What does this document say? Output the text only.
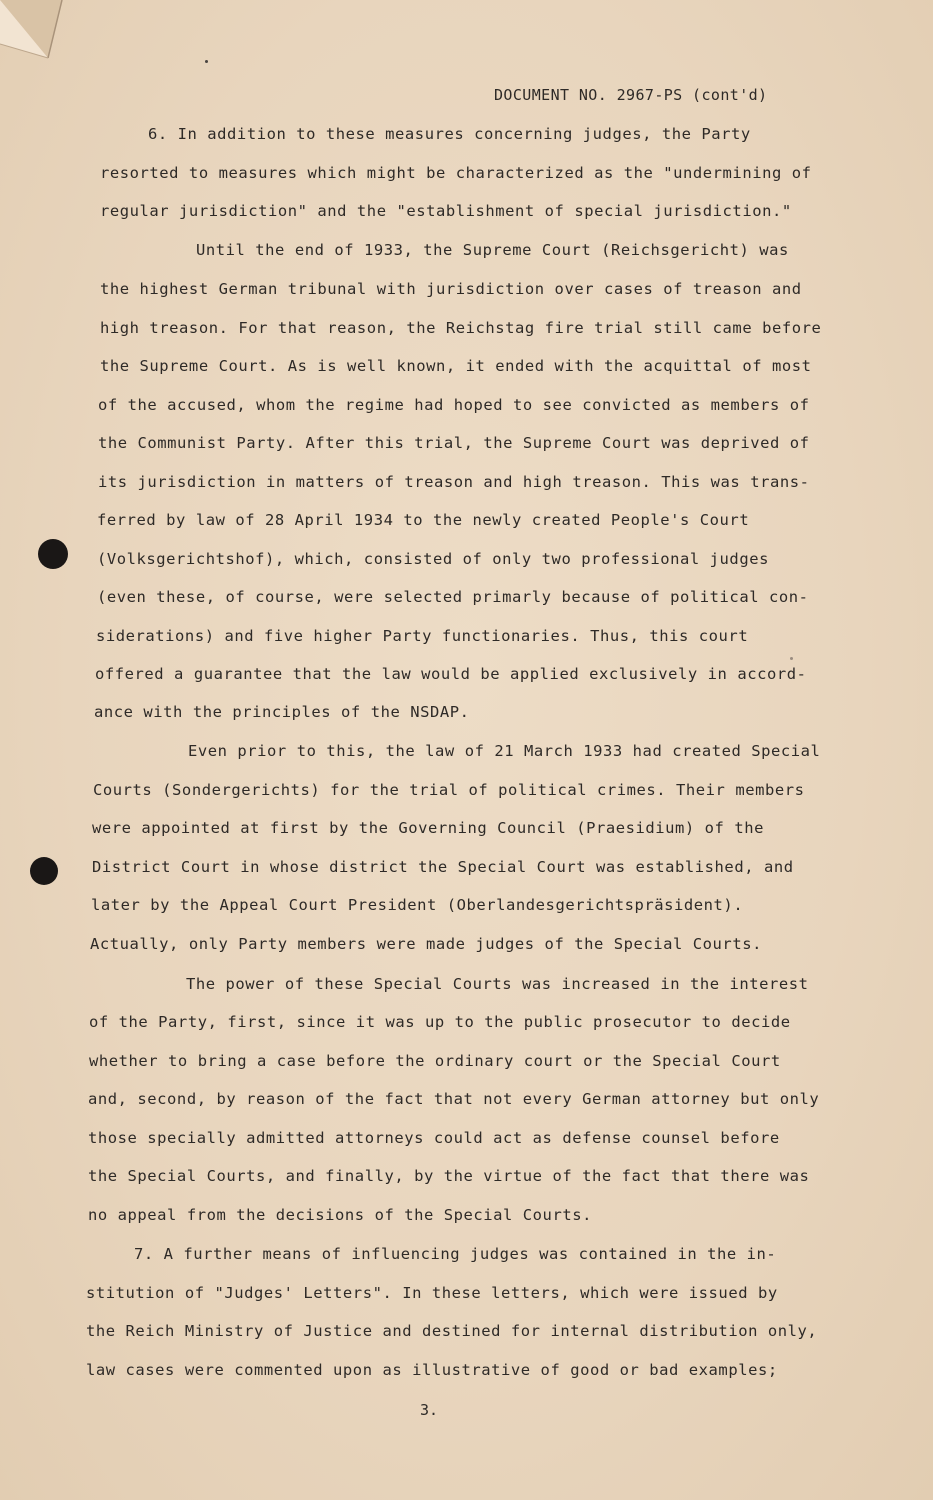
DOCUMENT NO. 2967-PS (cont'd)
6. In addition to these measures concerning judges, the Party
resorted to measures which might be characterized as the "undermining of
regular jurisdiction" and the "establishment of special jurisdiction."
Until the end of 1933, the Supreme Court (Reichsgericht) was
the highest German tribunal with jurisdiction over cases of treason and
high treason. For that reason, the Reichstag fire trial still came before
the Supreme Court. As is well known, it ended with the acquittal of most
of the accused, whom the regime had hoped to see convicted as members of
the Communist Party. After this trial, the Supreme Court was deprived of
its jurisdiction in matters of treason and high treason. This was trans-
ferred by law of 28 April 1934 to the newly created People's Court
(Volksgerichtshof), which, consisted of only two professional judges
(even these, of course, were selected primarly because of political con-
siderations) and five higher Party functionaries. Thus, this court
offered a guarantee that the law would be applied exclusively in accord-
ance with the principles of the NSDAP.
Even prior to this, the law of 21 March 1933 had created Special
Courts (Sondergerichts) for the trial of political crimes. Their members
were appointed at first by the Governing Council (Praesidium) of the
District Court in whose district the Special Court was established, and
later by the Appeal Court President (Oberlandesgerichtspräsident).
Actually, only Party members were made judges of the Special Courts.
The power of these Special Courts was increased in the interest
of the Party, first, since it was up to the public prosecutor to decide
whether to bring a case before the ordinary court or the Special Court
and, second, by reason of the fact that not every German attorney but only
those specially admitted attorneys could act as defense counsel before
the Special Courts, and finally, by the virtue of the fact that there was
no appeal from the decisions of the Special Courts.
7. A further means of influencing judges was contained in the in-
stitution of "Judges' Letters". In these letters, which were issued by
the Reich Ministry of Justice and destined for internal distribution only,
law cases were commented upon as illustrative of good or bad examples;
3.
